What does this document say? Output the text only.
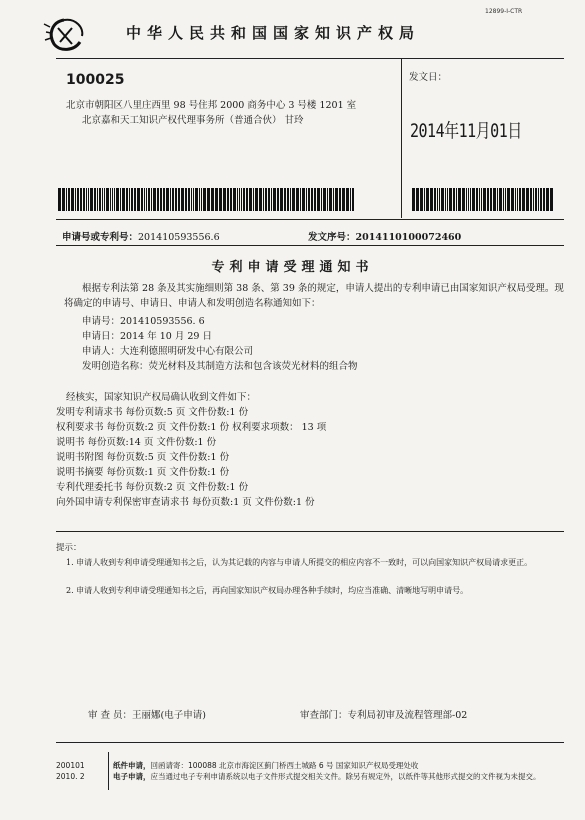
12899-I-CTR
中华人民共和国国家知识产权局
100025
北京市朝阳区八里庄西里 98 号住邦 2000 商务中心 3 号楼 1201 室
北京嘉和天工知识产权代理事务所（普通合伙） 甘玲
发文日：
2014年11月01日
申请号或专利号：201410593556.6	发文序号：2014110100072460
专利申请受理通知书
根据专利法第 28 条及其实施细则第 38 条、第 39 条的规定，申请人提出的专利申请已由国家知识产权局受理。现将确定的申请号、申请日、申请人和发明创造名称通知如下：
申请号：201410593556. 6
申请日：2014 年 10 月 29 日
申请人：大连利德照明研发中心有限公司
发明创造名称：荧光材料及其制造方法和包含该荧光材料的组合物
经核实，国家知识产权局确认收到文件如下：
发明专利请求书 每份页数:5 页 文件份数:1 份
权利要求书 每份页数:2 页 文件份数:1 份 权利要求项数： 13 项
说明书 每份页数:14 页 文件份数:1 份
说明书附图 每份页数:5 页 文件份数:1 份
说明书摘要 每份页数:1 页 文件份数:1 份
专利代理委托书 每份页数:2 页 文件份数:1 份
向外国申请专利保密审查请求书 每份页数:1 页 文件份数:1 份
提示：
1. 申请人收到专利申请受理通知书之后，认为其记载的内容与申请人所提交的相应内容不一致时，可以向国家知识产权局请求更正。
2. 申请人收到专利申请受理通知书之后，再向国家知识产权局办理各种手续时，均应当准确、清晰地写明申请号。
审 查 员：王丽娜(电子申请)	审查部门：专利局初审及流程管理部-02
200101
2010. 2
纸件申请，回函请寄：100088 北京市海淀区蓟门桥西土城路 6 号 国家知识产权局受理处收
电子申请，应当通过电子专利申请系统以电子文件形式提交相关文件。除另有规定外，以纸件等其他形式提交的文件视为未提交。
